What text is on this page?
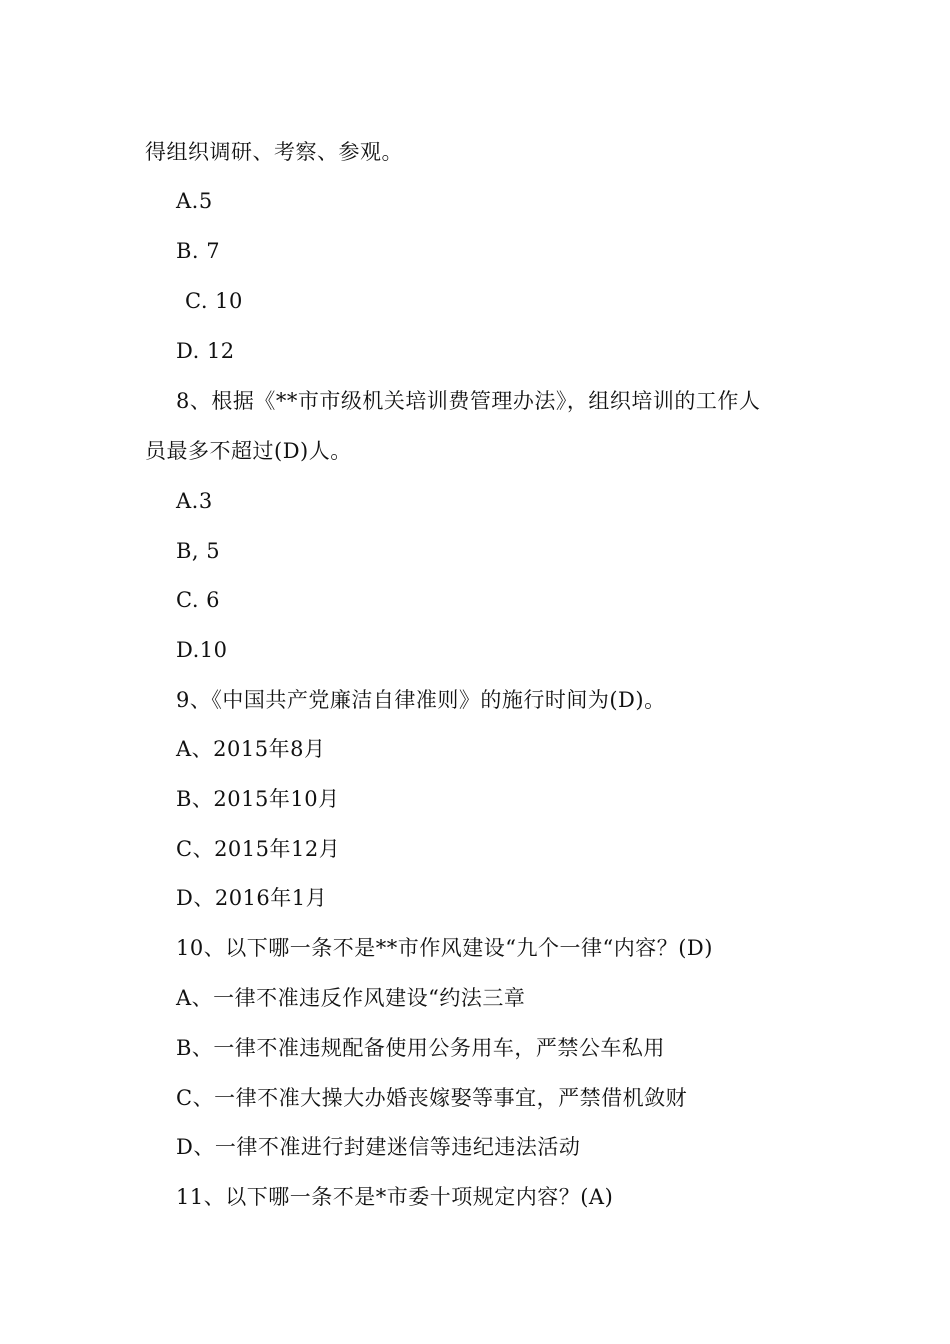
得组织调研、考察、参观。
A.5
B. 7
C. 10
D. 12
8、根据《**市市级机关培训费管理办法》，组织培训的工作人
员最多不超过(D)人。
A.3
B, 5
C. 6
D.10
9、《中国共产党廉洁自律准则》的施行时间为(D)。
A、2015年8月
B、2015年10月
C、2015年12月
D、2016年1月
10、以下哪一条不是**市作风建设“九个一律“内容？(D)
A、一律不准违反作风建设“约法三章
B、一律不准违规配备使用公务用车，严禁公车私用
C、一律不准大操大办婚丧嫁娶等事宜，严禁借机敛财
D、一律不准进行封建迷信等违纪违法活动
11、以下哪一条不是*市委十项规定内容？(A)
